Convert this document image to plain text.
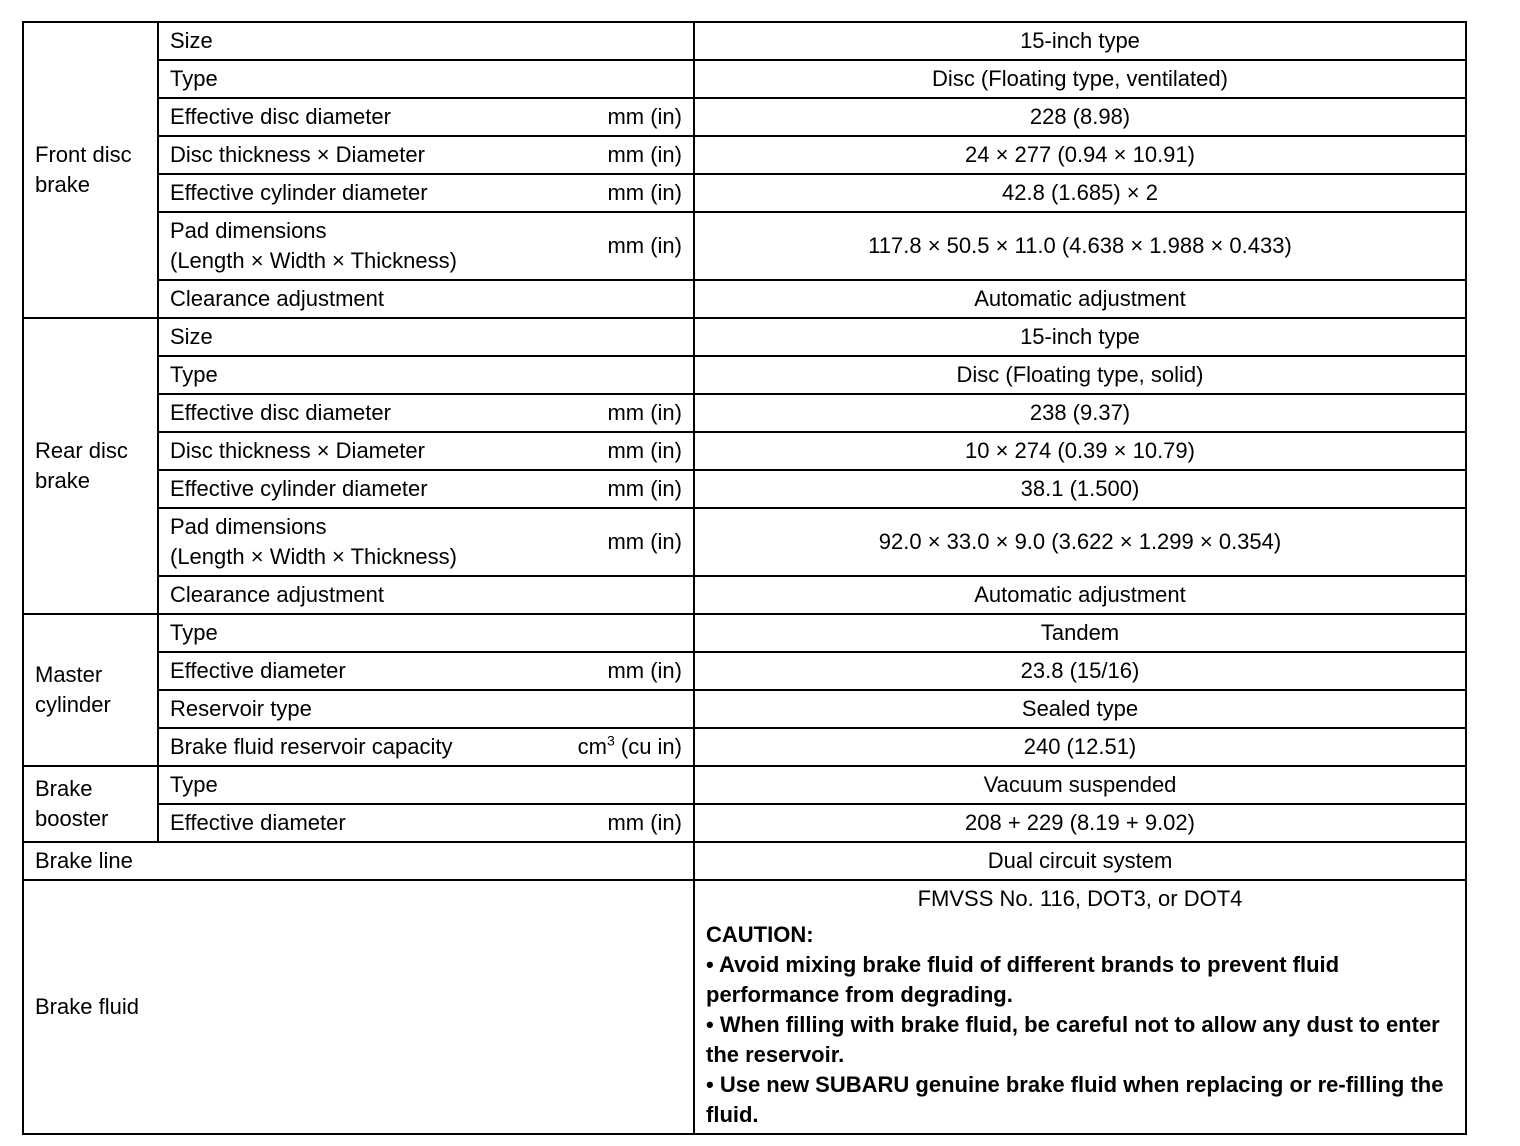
Front disc
brake	Size	15-inch type

	Type	Disc (Floating type, ventilated)

	Effective disc diameter mm (in)	228 (8.98)

	Disc thickness × Diameter mm (in)	24 × 277 (0.94 × 10.91)

	Effective cylinder diameter mm (in)	42.8 (1.685) × 2

	Pad dimensions
(Length × Width × Thickness)
mm (in)	117.8 × 50.5 × 11.0 (4.638 × 1.988 × 0.433)

	Clearance adjustment	Automatic adjustment

Rear disc
brake	Size	15-inch type

	Type	Disc (Floating type, solid)

	Effective disc diameter mm (in)	238 (9.37)

	Disc thickness × Diameter mm (in)	10 × 274 (0.39 × 10.79)

	Effective cylinder diameter mm (in)	38.1 (1.500)

	Pad dimensions
(Length × Width × Thickness)
mm (in)	92.0 × 33.0 × 9.0 (3.622 × 1.299 × 0.354)

	Clearance adjustment	Automatic adjustment

Master
cylinder	Type	Tandem

	Effective diameter mm (in)	23.8 (15/16)

	Reservoir type	Sealed type

	Brake fluid reservoir capacity $cm^3$ (cu in)	240 (12.51)

Brake
booster	Type	Vacuum suspended

	Effective diameter mm (in)	208 + 229 (8.19 + 9.02)
Brake line		Dual circuit system
Brake fluid		FMVSS No. 116, DOT3, or DOT4
CAUTION:
• Avoid mixing brake fluid of different brands to prevent fluid performance from degrading.
• When filling with brake fluid, be careful not to allow any dust to enter the reservoir.
• Use new SUBARU genuine brake fluid when replacing or re-filling the fluid.
